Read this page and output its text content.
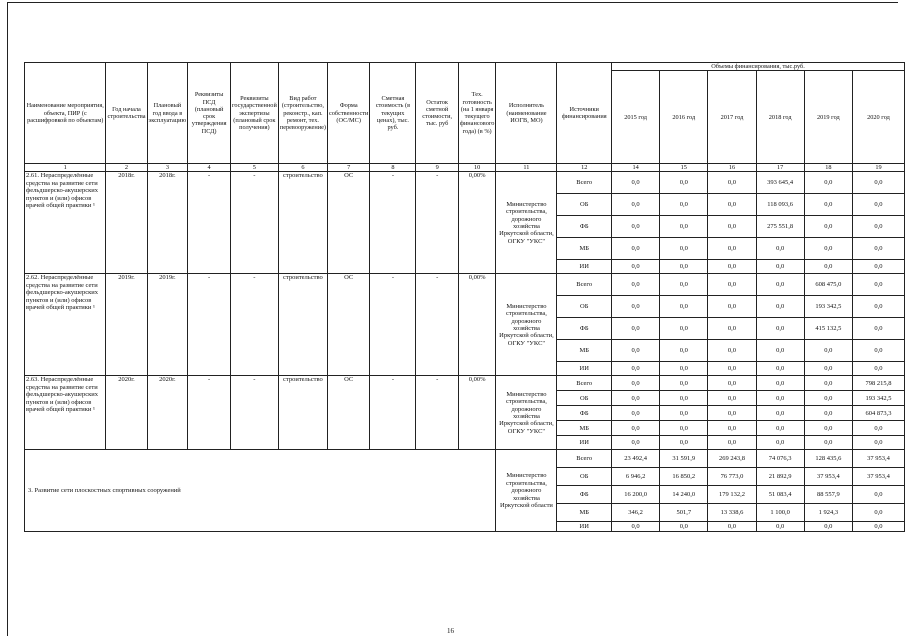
Наименование мероприятия, объекта, ПИР (с расшифровкой по объектам)	Год начала строительства	Плановый год ввода в эксплуатацию	Реквизиты ПСД (плановый срок утверждения ПСД)	Реквизиты государственной экспертизы (плановый срок получения)	Вид работ (строительство, реконстр., кап. ремонт, тех. перевооружение)	Форма собственности (ОС/МС)	Сметная стоимость (в текущих ценах), тыс. руб.	Остаток сметной стоимости, тыс. руб	Тех. готовность (на 1 января текущего финансового года) (в %)	Исполнитель (наименование ИОГВ, МО)	Источники финансирования	Объемы финансирования, тыс.руб.					
												2015 год	2016 год	2017 год	2018 год	2019 год	2020 год
1	2	3	4	5	6	7	8	9	10	11	12	14	15	16	17	18	19
2.61. Нераспределённые средства на развитие сети фельдшерско-акушерских пунктов и (или) офисов врачей общей практики ¹	2018г.	2018г.	-	-	строительство	ОС	-	-	0,00%	Министерство строительства, дорожного хозяйства Иркутской области, ОГКУ "УКС"	Всего	0,0	0,0	0,0	393 645,4	0,0	0,0
											ОБ	0,0	0,0	0,0	118 093,6	0,0	0,0
											ФБ	0,0	0,0	0,0	275 551,8	0,0	0,0
											МБ	0,0	0,0	0,0	0,0	0,0	0,0
											ИИ	0,0	0,0	0,0	0,0	0,0	0,0
2.62. Нераспределённые средства на развитие сети фельдшерско-акушерских пунктов и (или) офисов врачей общей практики ¹	2019г.	2019г.	-	-	строительство	ОС	-	-	0,00%	Министерство строительства, дорожного хозяйства Иркутской области, ОГКУ "УКС"	Всего	0,0	0,0	0,0	0,0	608 475,0	0,0
											ОБ	0,0	0,0	0,0	0,0	193 342,5	0,0
											ФБ	0,0	0,0	0,0	0,0	415 132,5	0,0
											МБ	0,0	0,0	0,0	0,0	0,0	0,0
											ИИ	0,0	0,0	0,0	0,0	0,0	0,0
2.63. Нераспределённые средства на развитие сети фельдшерско-акушерских пунктов и (или) офисов врачей общей практики ¹	2020г.	2020г.	-	-	строительство	ОС	-	-	0,00%	Министерство строительства, дорожного хозяйства Иркутской области, ОГКУ "УКС"	Всего	0,0	0,0	0,0	0,0	0,0	798 215,8
											ОБ	0,0	0,0	0,0	0,0	0,0	193 342,5
											ФБ	0,0	0,0	0,0	0,0	0,0	604 873,3
											МБ	0,0	0,0	0,0	0,0	0,0	0,0
											ИИ	0,0	0,0	0,0	0,0	0,0	0,0
3. Развитие сети плоскостных спортивных сооружений										Министерство строительства, дорожного хозяйства Иркутской области	Всего	23 492,4	31 591,9	269 243,8	74 076,3	128 435,6	37 953,4
											ОБ	6 946,2	16 850,2	76 773,0	21 892,9	37 953,4	37 953,4
											ФБ	16 200,0	14 240,0	179 132,2	51 083,4	88 557,9	0,0
											МБ	346,2	501,7	13 338,6	1 100,0	1 924,3	0,0
											ИИ	0,0	0,0	0,0	0,0	0,0	0,0
16
